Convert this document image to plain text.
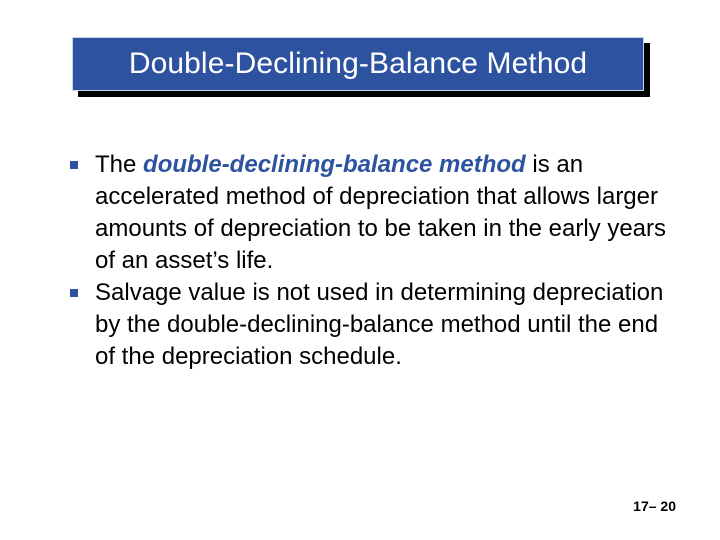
Double-Declining-Balance Method
The double-declining-balance method is an accelerated method of depreciation that allows larger amounts of depreciation to be taken in the early years of an asset’s life.
Salvage value is not used in determining depreciation by the double-declining-balance method until the end of the depreciation schedule.
17– 20
